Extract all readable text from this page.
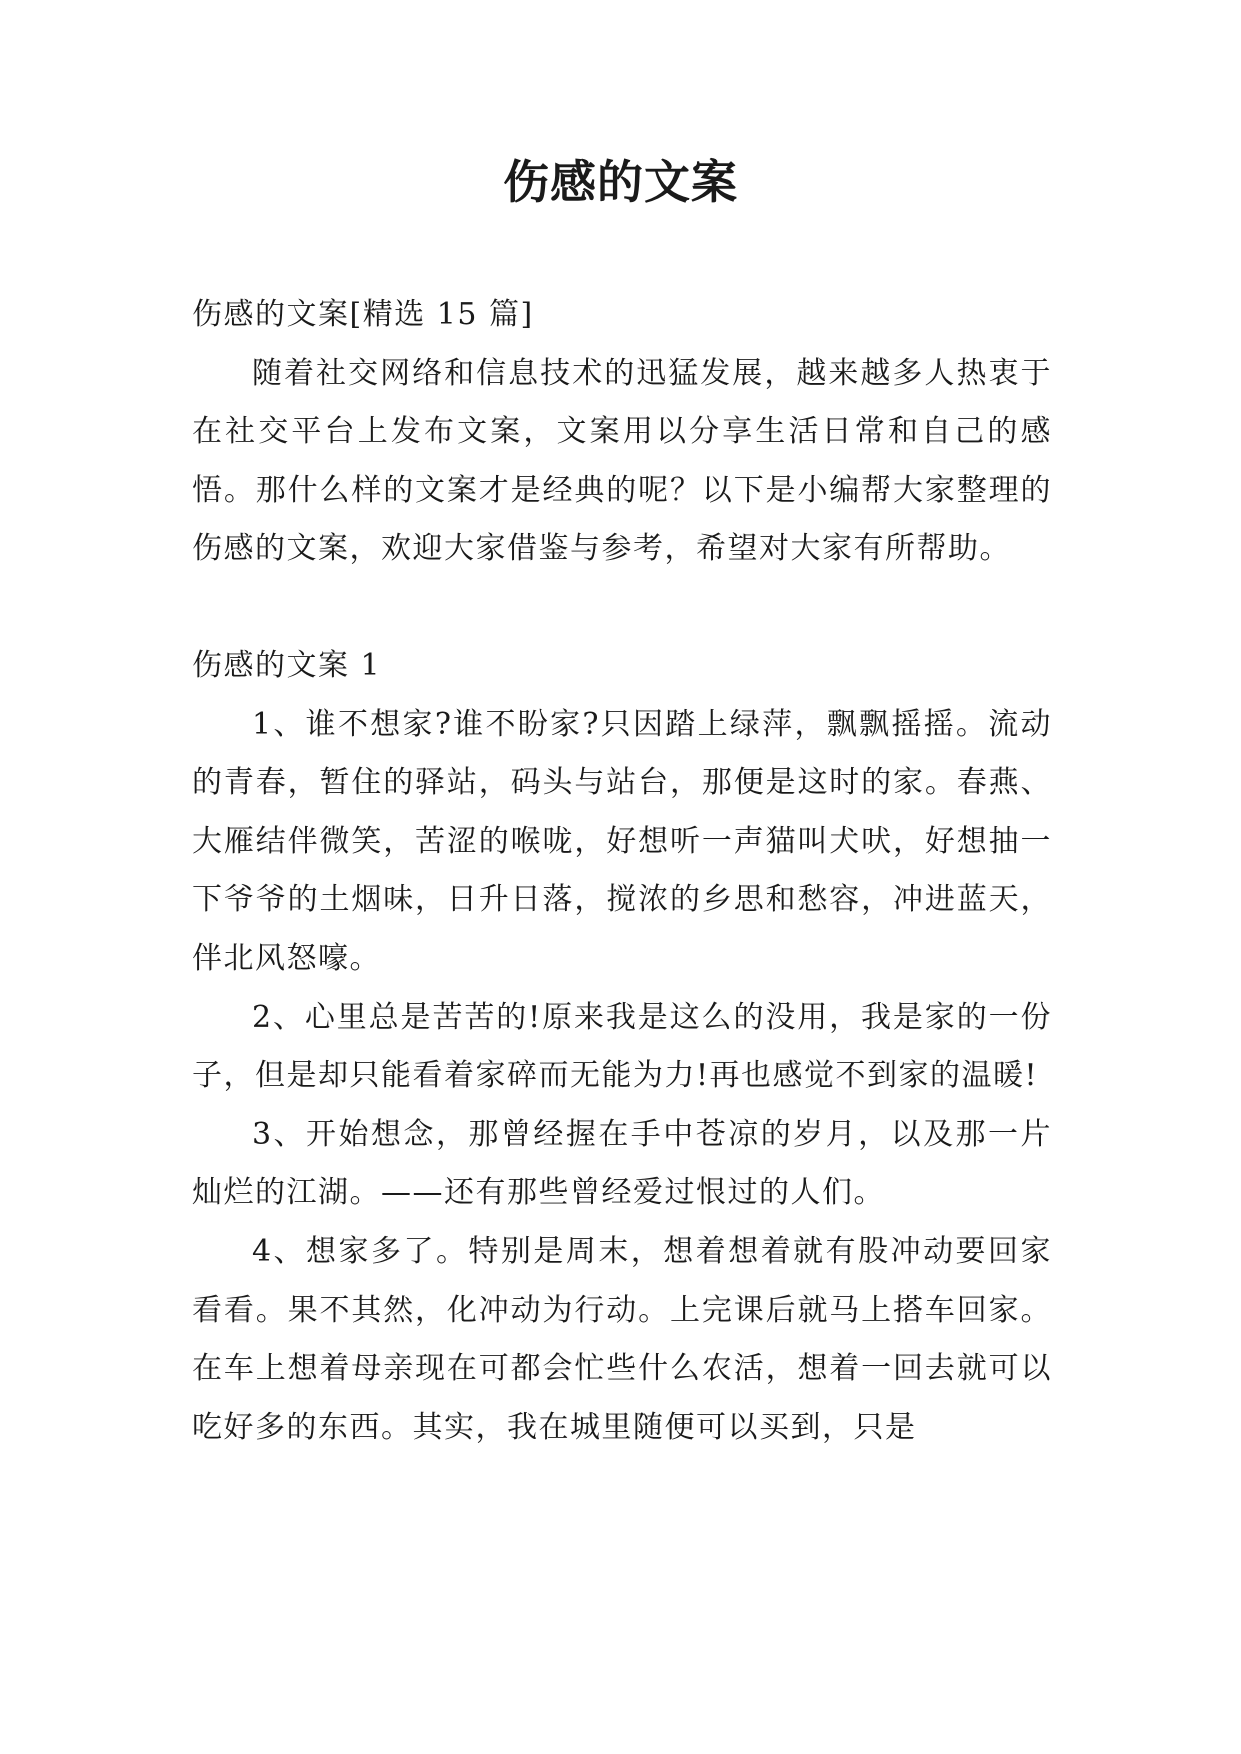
伤感的文案

伤感的文案[精选 15 篇]

随着社交网络和信息技术的迅猛发展，越来越多人热衷于在社交平台上发布文案，文案用以分享生活日常和自己的感悟。那什么样的文案才是经典的呢？以下是小编帮大家整理的伤感的文案，欢迎大家借鉴与参考，希望对大家有所帮助。

伤感的文案 1

1、谁不想家?谁不盼家?只因踏上绿萍，飘飘摇摇。流动的青春，暂住的驿站，码头与站台，那便是这时的家。春燕、大雁结伴微笑，苦涩的喉咙，好想听一声猫叫犬吠，好想抽一下爷爷的土烟味，日升日落，搅浓的乡思和愁容，冲进蓝天，伴北风怒嚎。

2、心里总是苦苦的!原来我是这么的没用，我是家的一份子，但是却只能看着家碎而无能为力!再也感觉不到家的温暖!

3、开始想念，那曾经握在手中苍凉的岁月，以及那一片灿烂的江湖。——还有那些曾经爱过恨过的人们。

4、想家多了。特别是周末，想着想着就有股冲动要回家看看。果不其然，化冲动为行动。上完课后就马上搭车回家。在车上想着母亲现在可都会忙些什么农活，想着一回去就可以吃好多的东西。其实，我在城里随便可以买到，只是
